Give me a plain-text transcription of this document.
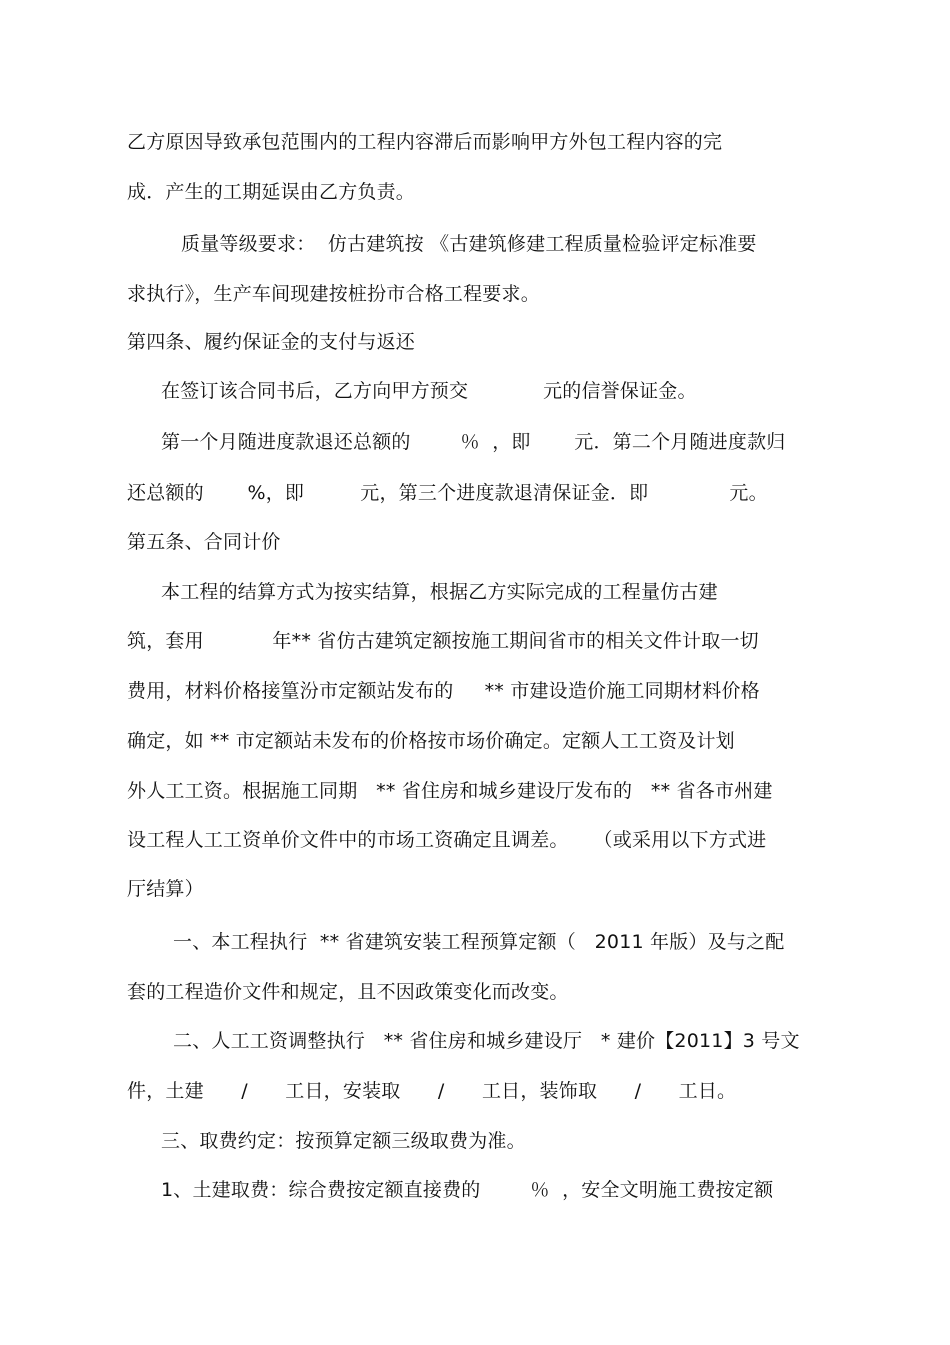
乙方原因导致承包范围内的工程内容滞后而影响甲方外包工程内容的完
成．产生的工期延误由乙方负责。
质量等级要求：  仿古建筑按 《古建筑修建工程质量检验评定标准要
求执行》，生产车间现建按桩扮市合格工程要求。
第四条、履约保证金的支付与返还
在签订该合同书后，乙方向甲方预交            元的信誉保证金。
第一个月随进度款退还总额的        ％  ，即       元．第二个月随进度款归
还总额的       %，即         元，第三个进度款退清保证金．即             元。
第五条、合同计价
本工程的结算方式为按实结算，根据乙方实际完成的工程量仿古建
筑，套用           年** 省仿古建筑定额按施工期间省市的相关文件计取一切
费用，材料价格接篁汾市定额站发布的     ** 市建设造价施工同期材料价格
确定，如 ** 市定额站未发布的价格按市场价确定。定额人工工资及计划
外人工工资。根据施工同期   ** 省住房和城乡建设厅发布的   ** 省各市州建
设工程人工工资单价文件中的市场工资确定且调差。    （或采用以下方式进
厅结算）
一、本工程执行  ** 省建筑安装工程预算定额（   2011 年版）及与之配
套的工程造价文件和规定，且不因政策变化而改变。
二、人工工资调整执行   ** 省住房和城乡建设厅   * 建价【2011】3 号文
件，土建      /      工日，安装取      /      工日，装饰取      /      工日。
三、取费约定：按预算定额三级取费为准。
1、土建取费：综合费按定额直接费的        ％  ，安全文明施工费按定额
